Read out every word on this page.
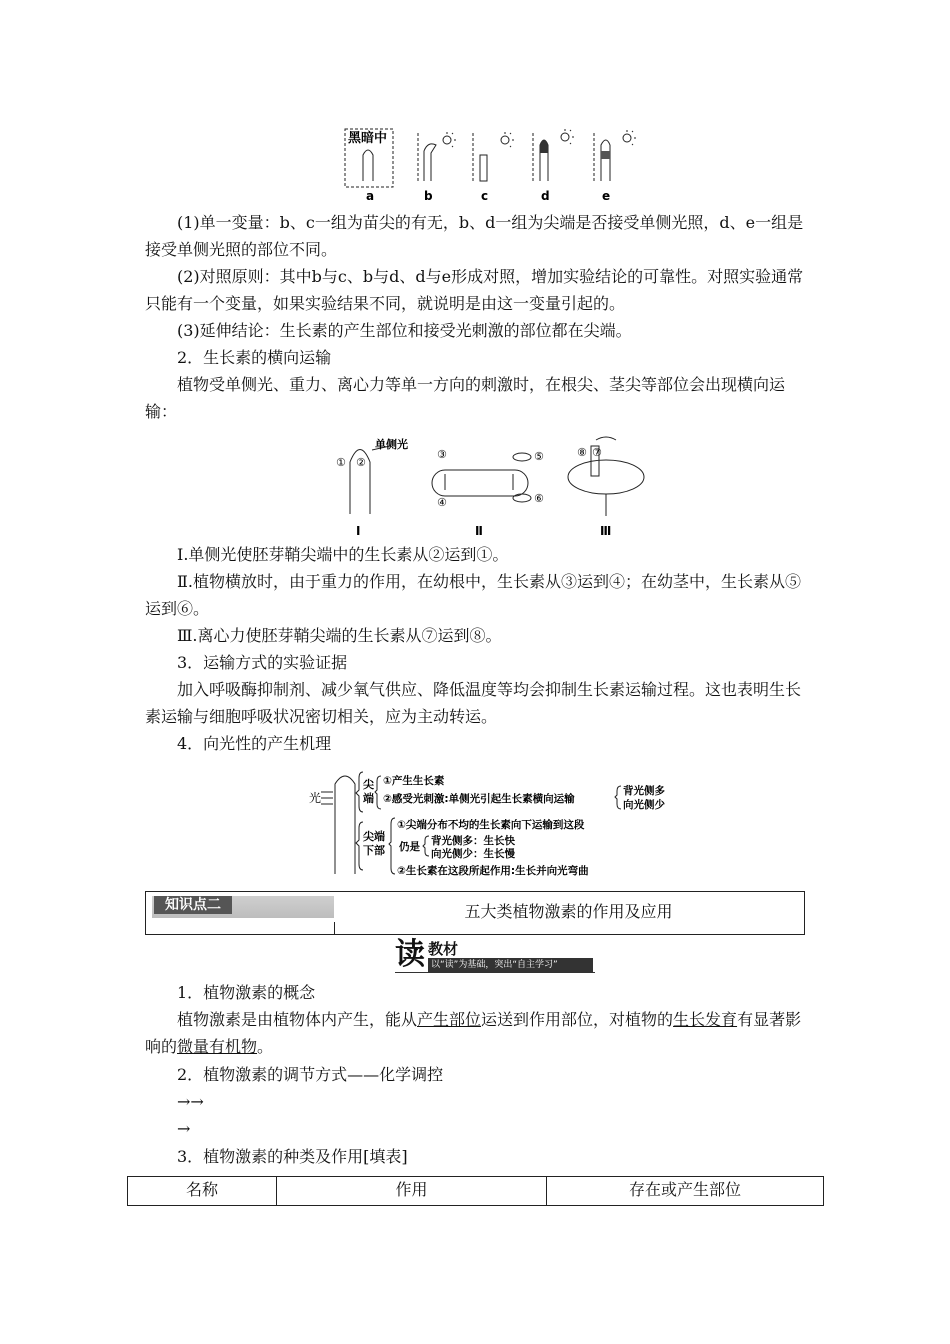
黑暗中
a	b	c	d	e

(1)单一变量：b、c一组为苗尖的有无，b、d一组为尖端是否接受单侧光照，d、e一组是接受单侧光照的部位不同。

(2)对照原则：其中b与c、b与d、d与e形成对照，增加实验结论的可靠性。对照实验通常只能有一个变量，如果实验结果不同，就说明是由这一变量引起的。

(3)延伸结论：生长素的产生部位和接受光刺激的部位都在尖端。

2．生长素的横向运输

植物受单侧光、重力、离心力等单一方向的刺激时，在根尖、茎尖等部位会出现横向运输：

单侧光
① ②
Ⅰ
③
④
⑤
⑥
Ⅱ
⑦
⑧
Ⅲ

Ⅰ.单侧光使胚芽鞘尖端中的生长素从②运到①。

Ⅱ.植物横放时，由于重力的作用，在幼根中，生长素从③运到④；在幼茎中，生长素从⑤运到⑥。

Ⅲ.离心力使胚芽鞘尖端的生长素从⑦运到⑧。

3．运输方式的实验证据

加入呼吸酶抑制剂、减少氧气供应、降低温度等均会抑制生长素运输过程。这也表明生长素运输与细胞呼吸状况密切相关，应为主动转运。

4．向光性的产生机理

光
尖
端
①产生生长素
②感受光刺激:单侧光引起生长素横向运输
背光侧多
向光侧少
尖端
下部
①尖端分布不均的生长素向下运输到这段
仍是 背光侧多：生长快
向光侧少：生长慢
②生长素在这段所起作用:生长并向光弯曲
知识点二	五大类植物激素的作用及应用
读 教材
以“读”为基础，突出“自主学习”

1．植物激素的概念

植物激素是由植物体内产生，能从产生部位运送到作用部位，对植物的生长发育有显著影响的微量有机物。

2．植物激素的调节方式——化学调控

→→

→

3．植物激素的种类及作用[填表]

名称	作用	存在或产生部位
